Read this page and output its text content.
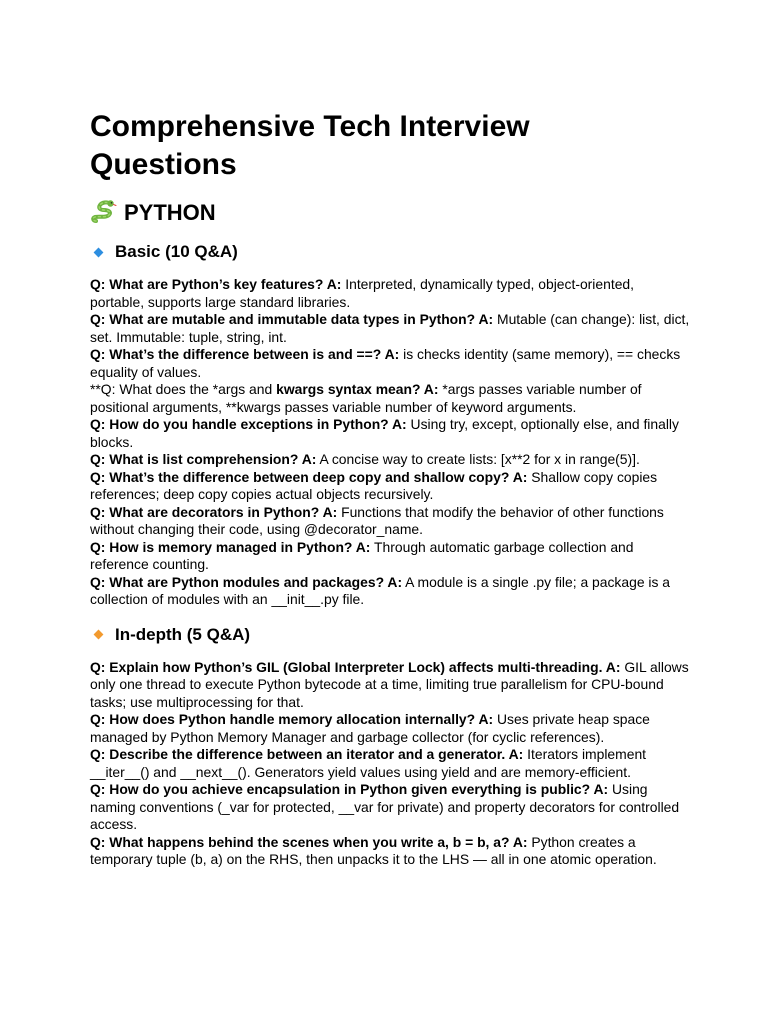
Comprehensive Tech Interview Questions
PYTHON
Basic (10 Q&A)
Q: What are Python’s key features? A: Interpreted, dynamically typed, object-oriented, portable, supports large standard libraries.
Q: What are mutable and immutable data types in Python? A: Mutable (can change): list, dict, set. Immutable: tuple, string, int.
Q: What’s the difference between is and ==? A: is checks identity (same memory), == checks equality of values.
**Q: What does the *args and kwargs syntax mean? A: *args passes variable number of positional arguments, **kwargs passes variable number of keyword arguments.
Q: How do you handle exceptions in Python? A: Using try, except, optionally else, and finally blocks.
Q: What is list comprehension? A: A concise way to create lists: [x**2 for x in range(5)].
Q: What’s the difference between deep copy and shallow copy? A: Shallow copy copies references; deep copy copies actual objects recursively.
Q: What are decorators in Python? A: Functions that modify the behavior of other functions without changing their code, using @decorator_name.
Q: How is memory managed in Python? A: Through automatic garbage collection and reference counting.
Q: What are Python modules and packages? A: A module is a single .py file; a package is a collection of modules with an __init__.py file.
In-depth (5 Q&A)
Q: Explain how Python’s GIL (Global Interpreter Lock) affects multi-threading. A: GIL allows only one thread to execute Python bytecode at a time, limiting true parallelism for CPU-bound tasks; use multiprocessing for that.
Q: How does Python handle memory allocation internally? A: Uses private heap space managed by Python Memory Manager and garbage collector (for cyclic references).
Q: Describe the difference between an iterator and a generator. A: Iterators implement __iter__() and __next__(). Generators yield values using yield and are memory-efficient.
Q: How do you achieve encapsulation in Python given everything is public? A: Using naming conventions (_var for protected, __var for private) and property decorators for controlled access.
Q: What happens behind the scenes when you write a, b = b, a? A: Python creates a temporary tuple (b, a) on the RHS, then unpacks it to the LHS — all in one atomic operation.
